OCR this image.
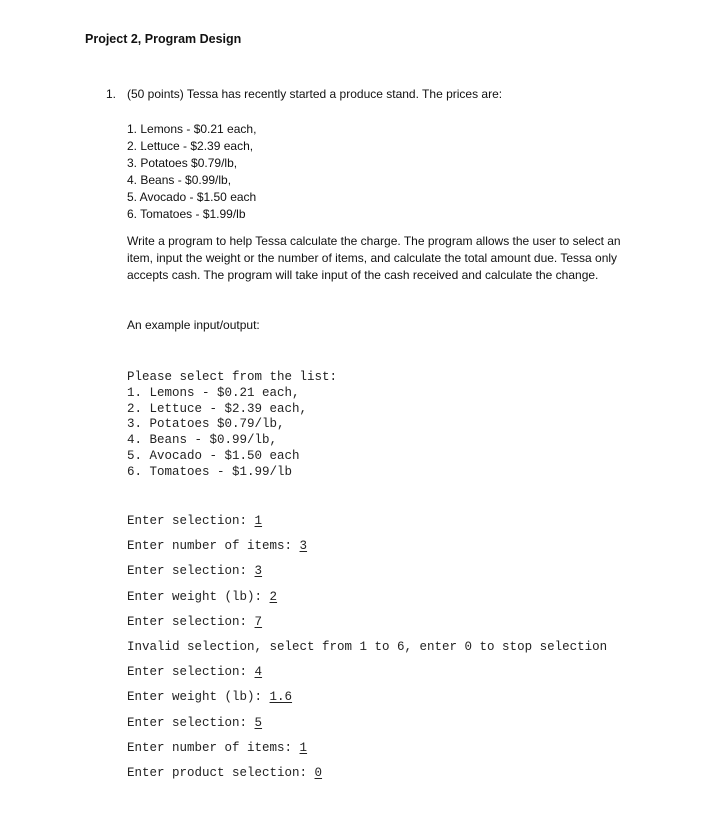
Project 2, Program Design
1. (50 points) Tessa has recently started a produce stand. The prices are:
1. Lemons - $0.21 each,
2. Lettuce - $2.39 each,
3. Potatoes $0.79/lb,
4. Beans - $0.99/lb,
5. Avocado - $1.50 each
6. Tomatoes - $1.99/lb

Write a program to help Tessa calculate the charge. The program allows the user to select an item, input the weight or the number of items, and calculate the total amount due. Tessa only accepts cash. The program will take input of the cash received and calculate the change.

An example input/output:
Please select from the list:
1. Lemons - $0.21 each,
2. Lettuce - $2.39 each,
3. Potatoes $0.79/lb,
4. Beans - $0.99/lb,
5. Avocado - $1.50 each
6. Tomatoes - $1.99/lb
Enter selection: 1
Enter number of items: 3
Enter selection: 3
Enter weight (lb): 2
Enter selection: 7
Invalid selection, select from 1 to 6, enter 0 to stop selection
Enter selection: 4
Enter weight (lb): 1.6
Enter selection: 5
Enter number of items: 1
Enter product selection: 0
